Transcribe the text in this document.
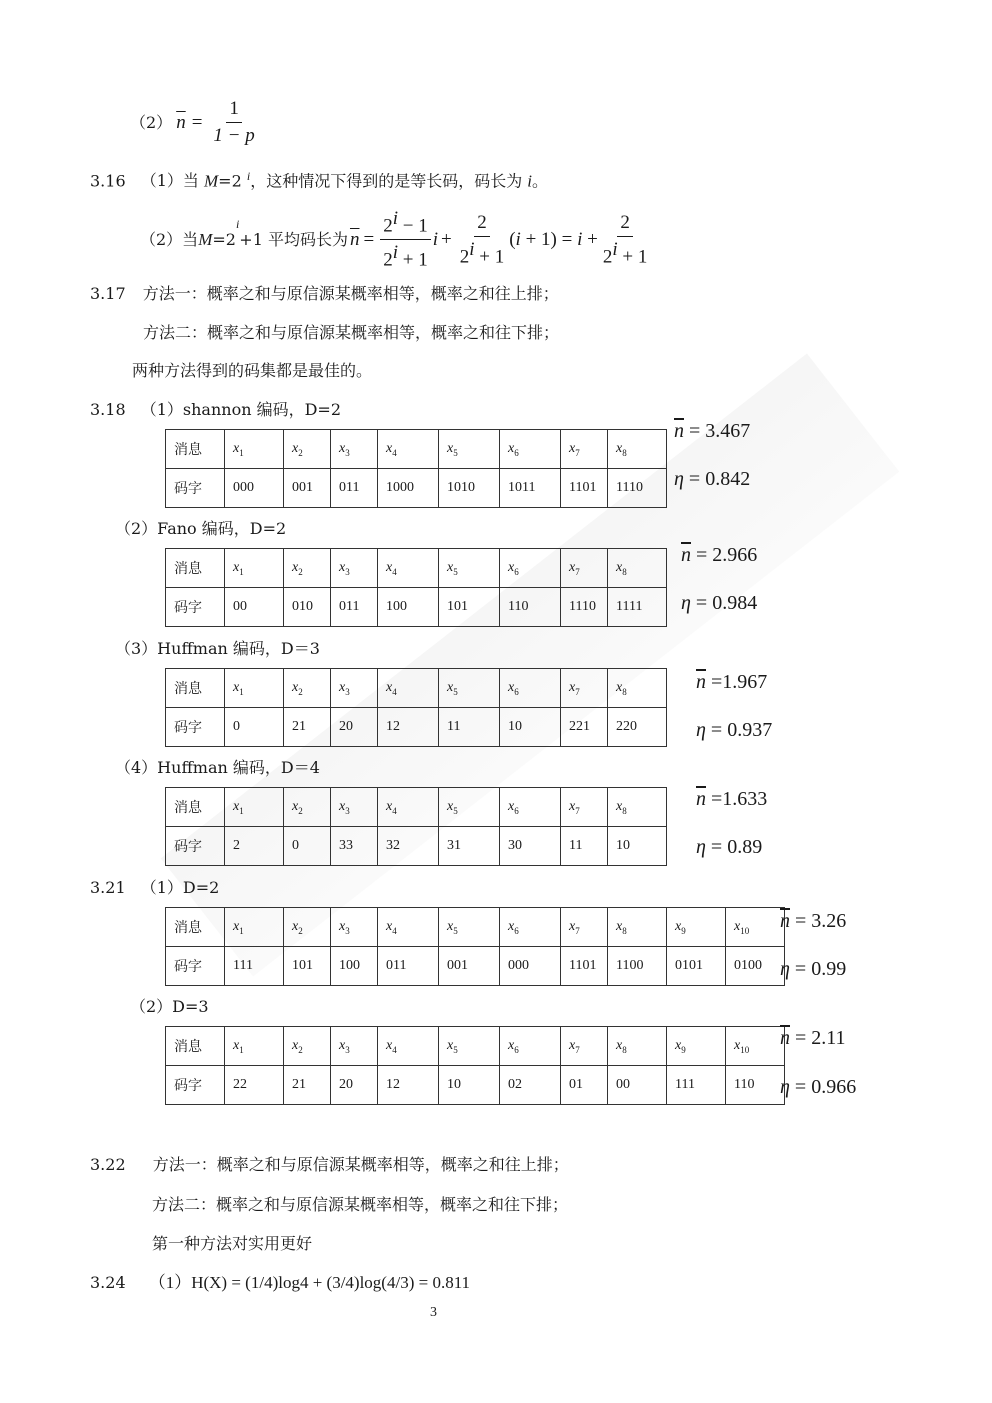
（2） $\overline{n} = \frac{1}{1 - p}$
3.16 （1）当 M=2 $^i$，这种情况下得到的是等长码，码长为 i。
（2）当 M =2
$^i$
+1 平均码长为 $\overline{n} = \frac{2^i - 1}{2^i + 1}$ $i + \frac{2}{2^i + 1} (i + 1) = i + \frac{2}{2^i + 1}$
3.17 方法一：概率之和与原信源某概率相等，概率之和往上排；
方法二：概率之和与原信源某概率相等，概率之和往下排；
两种方法得到的码集都是最佳的。
3.18 （1）shannon 编码，D=2
消息	$x_1$	$x_2$	$x_3$	$x_4$	$x_5$	$x_6$	$x_7$	$x_8$
码字	000	001	011	1000	1010	1011	1101	1110
$\overline{n} = 3.467$
η = 0.842
（2）Fano 编码，D=2
消息	$x_1$	$x_2$	$x_3$	$x_4$	$x_5$	$x_6$	$x_7$	$x_8$
码字	00	010	011	100	101	110	1110	1111
$\overline{n} = 2.966$
η = 0.984
（3）Huffman 编码，D＝3
消息	$x_1$	$x_2$	$x_3$	$x_4$	$x_5$	$x_6$	$x_7$	$x_8$
码字	0	21	20	12	11	10	221	220
$\overline{n} =1.967$
η = 0.937
（4）Huffman 编码，D＝4
消息	$x_1$	$x_2$	$x_3$	$x_4$	$x_5$	$x_6$	$x_7$	$x_8$
码字	2	0	33	32	31	30	11	10
$\overline{n} =1.633$
η = 0.89
3.21 （1）D=2
消息	$x_1$	$x_2$	$x_3$	$x_4$	$x_5$	$x_6$	$x_7$	$x_8$	$x_9$	$x_{10}$
码字	111	101	100	011	001	000	1101	1100	0101	0100
$\overline{n} = 3.26$
η = 0.99
（2）D=3
消息	$x_1$	$x_2$	$x_3$	$x_4$	$x_5$	$x_6$	$x_7$	$x_8$	$x_9$	$x_{10}$
码字	22	21	20	12	10	02	01	00	111	110
$\overline{n} = 2.11$
η = 0.966
3.22 方法一：概率之和与原信源某概率相等，概率之和往上排；
方法二：概率之和与原信源某概率相等，概率之和往下排；
第一种方法对实用更好
3.24 （1）H(X) = (1/4)log4 + (3/4)log(4/3) = 0.811
3
